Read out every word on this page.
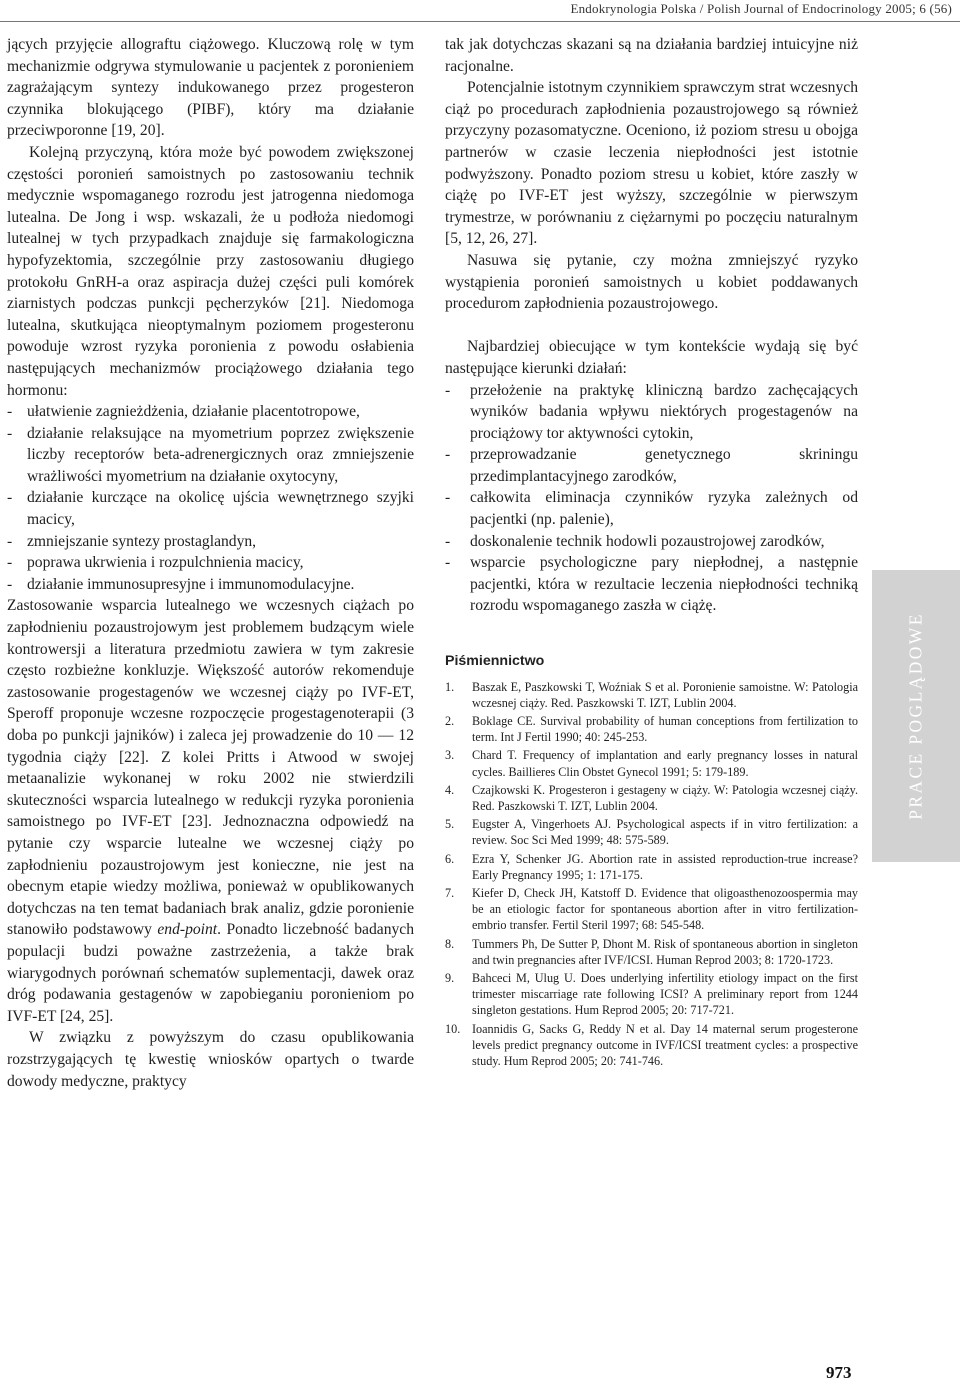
Endokrynologia Polska / Polish Journal of Endocrinology 2005; 6 (56)

jących przyjęcie allograftu ciążowego. Kluczową rolę w tym mechanizmie odgrywa stymulowanie u pacjentek z poronieniem zagrażającym syntezy indukowanego przez progesteron czynnika blokującego (PIBF), który ma działanie przeciwporonne [19, 20].

Kolejną przyczyną, która może być powodem zwiększonej częstości poronień samoistnych po zastosowaniu technik medycznie wspomaganego rozrodu jest jatrogenna niedomoga lutealna. De Jong i wsp. wskazali, że u podłoża niedomogi lutealnej w tych przypadkach znajduje się farmakologiczna hypofyzektomia, szczególnie przy zastosowaniu długiego protokołu GnRH-a oraz aspiracja dużej części puli komórek ziarnistych podczas punkcji pęcherzyków [21]. Niedomoga lutealna, skutkująca nieoptymalnym poziomem progesteronu powoduje wzrost ryzyka poronienia z powodu osłabienia następujących mechanizmów prociążowego działania tego hormonu:

- ułatwienie zagnieżdżenia, działanie placentotropowe,
- działanie relaksujące na myometrium poprzez zwiększenie liczby receptorów beta-adrenergicznych oraz zmniejszenie wrażliwości myometrium na działanie oxytocyny,
- działanie kurczące na okolicę ujścia wewnętrznego szyjki macicy,
- zmniejszanie syntezy prostaglandyn,
- poprawa ukrwienia i rozpulchnienia macicy,
- działanie immunosupresyjne i immunomodulacyjne.

Zastosowanie wsparcia lutealnego we wczesnych ciążach po zapłodnieniu pozaustrojowym jest problemem budzącym wiele kontrowersji a literatura przedmiotu zawiera w tym zakresie często rozbieżne konkluzje. Większość autorów rekomenduje zastosowanie progestagenów we wczesnej ciąży po IVF-ET, Speroff proponuje wczesne rozpoczęcie progestagenoterapii (3 doba po punkcji jajników) i zaleca jej prowadzenie do 10 — 12 tygodnia ciąży [22]. Z kolei Pritts i Atwood w swojej metaanalizie wykonanej w roku 2002 nie stwierdzili skuteczności wsparcia lutealnego w redukcji ryzyka poronienia samoistnego po IVF-ET [23]. Jednoznaczna odpowiedź na pytanie czy wsparcie lutealne we wczesnej ciąży po zapłodnieniu pozaustrojowym jest konieczne, nie jest na obecnym etapie wiedzy możliwa, ponieważ w opublikowanych dotychczas na ten temat badaniach brak analiz, gdzie poronienie stanowiło podstawowy end-point. Ponadto liczebność badanych populacji budzi poważne zastrzeżenia, a także brak wiarygodnych porównań schematów suplementacji, dawek oraz dróg podawania gestagenów w zapobieganiu poronieniom po IVF-ET [24, 25].

W związku z powyższym do czasu opublikowania rozstrzygających tę kwestię wniosków opartych o twarde dowody medyczne, praktycy

tak jak dotychczas skazani są na działania bardziej intuicyjne niż racjonalne.

Potencjalnie istotnym czynnikiem sprawczym strat wczesnych ciąż po procedurach zapłodnienia pozaustrojowego są również przyczyny pozasomatyczne. Oceniono, iż poziom stresu u obojga partnerów w czasie leczenia niepłodności jest istotnie podwyższony. Ponadto poziom stresu u kobiet, które zaszły w ciążę po IVF-ET jest wyższy, szczególnie w pierwszym trymestrze, w porównaniu z ciężarnymi po poczęciu naturalnym [5, 12, 26, 27].

Nasuwa się pytanie, czy można zmniejszyć ryzyko wystąpienia poronień samoistnych u kobiet poddawanych procedurom zapłodnienia pozaustrojowego.

Najbardziej obiecujące w tym kontekście wydają się być następujące kierunki działań:

- przełożenie na praktykę kliniczną bardzo zachęcających wyników badania wpływu niektórych progestagenów na prociążowy tor aktywności cytokin,
- przeprowadzanie genetycznego skriningu przedimplantacyjnego zarodków,
- całkowita eliminacja czynników ryzyka zależnych od pacjentki (np. palenie),
- doskonalenie technik hodowli pozaustrojowej zarodków,
- wsparcie psychologiczne pary niepłodnej, a następnie pacjentki, która w rezultacie leczenia niepłodności techniką rozrodu wspomaganego zaszła w ciążę.
Piśmiennictwo
1. Baszak E, Paszkowski T, Woźniak S et al. Poronienie samoistne. W: Patologia wczesnej ciąży. Red. Paszkowski T. IZT, Lublin 2004.
2. Boklage CE. Survival probability of human conceptions from fertilization to term. Int J Fertil 1990; 40: 245-253.
3. Chard T. Frequency of implantation and early pregnancy losses in natural cycles. Baillieres Clin Obstet Gynecol 1991; 5: 179-189.
4. Czajkowski K. Progesteron i gestageny w ciąży. W: Patologia wczesnej ciąży. Red. Paszkowski T. IZT, Lublin 2004.
5. Eugster A, Vingerhoets AJ. Psychological aspects if in vitro fertilization: a review. Soc Sci Med 1999; 48: 575-589.
6. Ezra Y, Schenker JG. Abortion rate in assisted reproduction-true increase? Early Pregnancy 1995; 1: 171-175.
7. Kiefer D, Check JH, Katstoff D. Evidence that oligoasthenozoospermia may be an etiologic factor for spontaneous abortion after in vitro fertilization-embrio transfer. Fertil Steril 1997; 68: 545-548.
8. Tummers Ph, De Sutter P, Dhont M. Risk of spontaneous abortion in singleton and twin pregnancies after IVF/ICSI. Human Reprod 2003; 8: 1720-1723.
9. Bahceci M, Ulug U. Does underlying infertility etiology impact on the first trimester miscarriage rate following ICSI? A preliminary report from 1244 singleton gestations. Hum Reprod 2005; 20: 717-721.
10. Ioannidis G, Sacks G, Reddy N et al. Day 14 maternal serum progesterone levels predict pregnancy outcome in IVF/ICSI treatment cycles: a prospective study. Hum Reprod 2005; 20: 741-746.
PRACE POGLĄDOWE
973
